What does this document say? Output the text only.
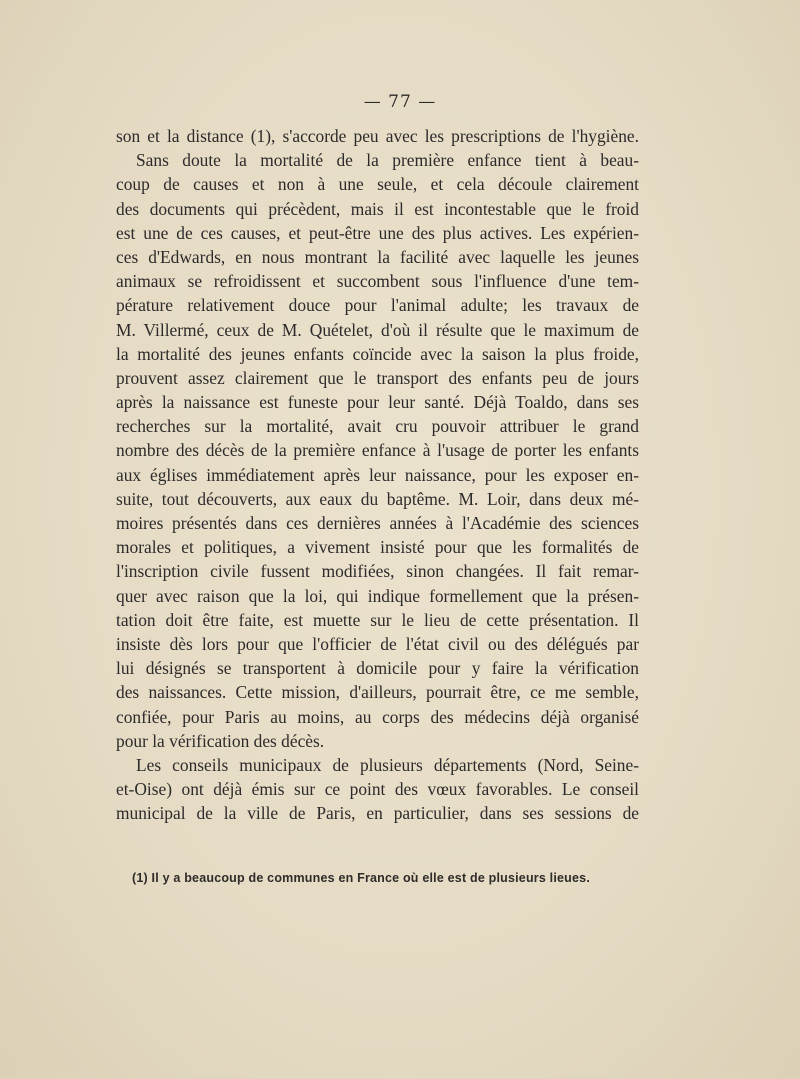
— 77 —
son et la distance (1), s'accorde peu avec les prescriptions de l'hygiène.
Sans doute la mortalité de la première enfance tient à beau-
coup de causes et non à une seule, et cela découle clairement
des documents qui précèdent, mais il est incontestable que le froid
est une de ces causes, et peut-être une des plus actives. Les expérien-
ces d'Edwards, en nous montrant la facilité avec laquelle les jeunes
animaux se refroidissent et succombent sous l'influence d'une tem-
pérature relativement douce pour l'animal adulte; les travaux de
M. Villermé, ceux de M. Quételet, d'où il résulte que le maximum de
la mortalité des jeunes enfants coïncide avec la saison la plus froide,
prouvent assez clairement que le transport des enfants peu de jours
après la naissance est funeste pour leur santé. Déjà Toaldo, dans ses
recherches sur la mortalité, avait cru pouvoir attribuer le grand
nombre des décès de la première enfance à l'usage de porter les enfants
aux églises immédiatement après leur naissance, pour les exposer en-
suite, tout découverts, aux eaux du baptême. M. Loir, dans deux mé-
moires présentés dans ces dernières années à l'Académie des sciences
morales et politiques, a vivement insisté pour que les formalités de
l'inscription civile fussent modifiées, sinon changées. Il fait remar-
quer avec raison que la loi, qui indique formellement que la présen-
tation doit être faite, est muette sur le lieu de cette présentation. Il
insiste dès lors pour que l'officier de l'état civil ou des délégués par
lui désignés se transportent à domicile pour y faire la vérification
des naissances. Cette mission, d'ailleurs, pourrait être, ce me semble,
confiée, pour Paris au moins, au corps des médecins déjà organisé
pour la vérification des décès.
Les conseils municipaux de plusieurs départements (Nord, Seine-
et-Oise) ont déjà émis sur ce point des vœux favorables. Le conseil
municipal de la ville de Paris, en particulier, dans ses sessions de
(1) Il y a beaucoup de communes en France où elle est de plusieurs lieues.
